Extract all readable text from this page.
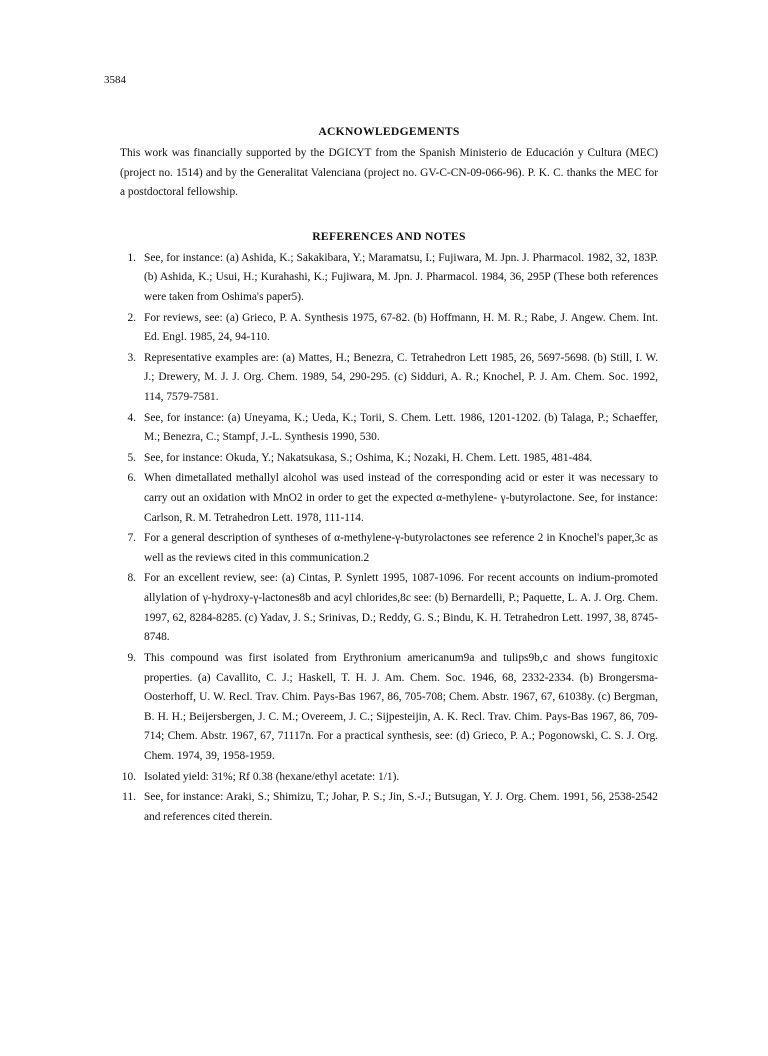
3584
ACKNOWLEDGEMENTS

This work was financially supported by the DGICYT from the Spanish Ministerio de Educación y Cultura (MEC) (project no. 1514) and by the Generalitat Valenciana (project no. GV-C-CN-09-066-96). P. K. C. thanks the MEC for a postdoctoral fellowship.

REFERENCES AND NOTES
1. See, for instance: (a) Ashida, K.; Sakakibara, Y.; Maramatsu, I.; Fujiwara, M. Jpn. J. Pharmacol. 1982, 32, 183P. (b) Ashida, K.; Usui, H.; Kurahashi, K.; Fujiwara, M. Jpn. J. Pharmacol. 1984, 36, 295P (These both references were taken from Oshima's paper5).
2. For reviews, see: (a) Grieco, P. A. Synthesis 1975, 67-82. (b) Hoffmann, H. M. R.; Rabe, J. Angew. Chem. Int. Ed. Engl. 1985, 24, 94-110.
3. Representative examples are: (a) Mattes, H.; Benezra, C. Tetrahedron Lett 1985, 26, 5697-5698. (b) Still, I. W. J.; Drewery, M. J. J. Org. Chem. 1989, 54, 290-295. (c) Sidduri, A. R.; Knochel, P. J. Am. Chem. Soc. 1992, 114, 7579-7581.
4. See, for instance: (a) Uneyama, K.; Ueda, K.; Torii, S. Chem. Lett. 1986, 1201-1202. (b) Talaga, P.; Schaeffer, M.; Benezra, C.; Stampf, J.-L. Synthesis 1990, 530.
5. See, for instance: Okuda, Y.; Nakatsukasa, S.; Oshima, K.; Nozaki, H. Chem. Lett. 1985, 481-484.
6. When dimetallated methallyl alcohol was used instead of the corresponding acid or ester it was necessary to carry out an oxidation with MnO2 in order to get the expected α-methylene- γ-butyrolactone. See, for instance: Carlson, R. M. Tetrahedron Lett. 1978, 111-114.
7. For a general description of syntheses of α-methylene-γ-butyrolactones see reference 2 in Knochel's paper,3c as well as the reviews cited in this communication.2
8. For an excellent review, see: (a) Cintas, P. Synlett 1995, 1087-1096. For recent accounts on indium-promoted allylation of γ-hydroxy-γ-lactones8b and acyl chlorides,8c see: (b) Bernardelli, P.; Paquette, L. A. J. Org. Chem. 1997, 62, 8284-8285. (c) Yadav, J. S.; Srinivas, D.; Reddy, G. S.; Bindu, K. H. Tetrahedron Lett. 1997, 38, 8745-8748.
9. This compound was first isolated from Erythronium americanum9a and tulips9b,c and shows fungitoxic properties. (a) Cavallito, C. J.; Haskell, T. H. J. Am. Chem. Soc. 1946, 68, 2332-2334. (b) Brongersma-Oosterhoff, U. W. Recl. Trav. Chim. Pays-Bas 1967, 86, 705-708; Chem. Abstr. 1967, 67, 61038y. (c) Bergman, B. H. H.; Beijersbergen, J. C. M.; Overeem, J. C.; Sijpesteijin, A. K. Recl. Trav. Chim. Pays-Bas 1967, 86, 709-714; Chem. Abstr. 1967, 67, 71117n. For a practical synthesis, see: (d) Grieco, P. A.; Pogonowski, C. S. J. Org. Chem. 1974, 39, 1958-1959.
10. Isolated yield: 31%; Rf 0.38 (hexane/ethyl acetate: 1/1).
11. See, for instance: Araki, S.; Shimizu, T.; Johar, P. S.; Jin, S.-J.; Butsugan, Y. J. Org. Chem. 1991, 56, 2538-2542 and references cited therein.
